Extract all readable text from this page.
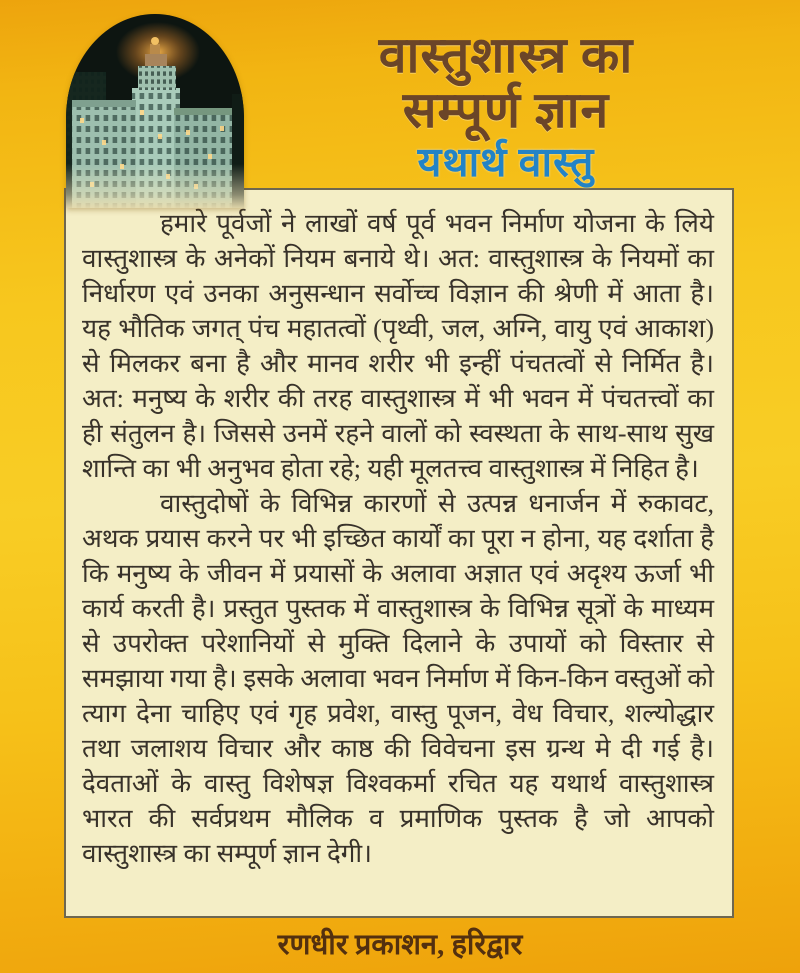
वास्तुशास्त्र का
सम्पूर्ण ज्ञान
यथार्थ वास्तु

हमारे पूर्वजों ने लाखों वर्ष पूर्व भवन निर्माण योजना के लिये वास्तुशास्त्र के अनेकों नियम बनाये थे। अत: वास्तुशास्त्र के नियमों का निर्धारण एवं उनका अनुसन्धान सर्वोच्च विज्ञान की श्रेणी में आता है। यह भौतिक जगत् पंच महातत्वों (पृथ्वी, जल, अग्नि, वायु एवं आकाश) से मिलकर बना है और मानव शरीर भी इन्हीं पंचतत्वों से निर्मित है। अत: मनुष्य के शरीर की तरह वास्तुशास्त्र में भी भवन में पंचतत्त्वों का ही संतुलन है। जिससे उनमें रहने वालों को स्वस्थता के साथ-साथ सुख शान्ति का भी अनुभव होता रहे; यही मूलतत्त्व वास्तुशास्त्र में निहित है।

वास्तुदोषों के विभिन्न कारणों से उत्पन्न धनार्जन में रुकावट, अथक प्रयास करने पर भी इच्छित कार्यों का पूरा न होना, यह दर्शाता है कि मनुष्य के जीवन में प्रयासों के अलावा अज्ञात एवं अदृश्य ऊर्जा भी कार्य करती है। प्रस्तुत पुस्तक में वास्तुशास्त्र के विभिन्न सूत्रों के माध्यम से उपरोक्त परेशानियों से मुक्ति दिलाने के उपायों को विस्तार से समझाया गया है। इसके अलावा भवन निर्माण में किन-किन वस्तुओं को त्याग देना चाहिए एवं गृह प्रवेश, वास्तु पूजन, वेध विचार, शल्योद्धार तथा जलाशय विचार और काष्ठ की विवेचना इस ग्रन्थ मे दी गई है। देवताओं के वास्तु विशेषज्ञ विश्वकर्मा रचित यह यथार्थ वास्तुशास्त्र भारत की सर्वप्रथम मौलिक व प्रमाणिक पुस्तक है जो आपको वास्तुशास्त्र का सम्पूर्ण ज्ञान देगी।

रणधीर प्रकाशन, हरिद्वार
